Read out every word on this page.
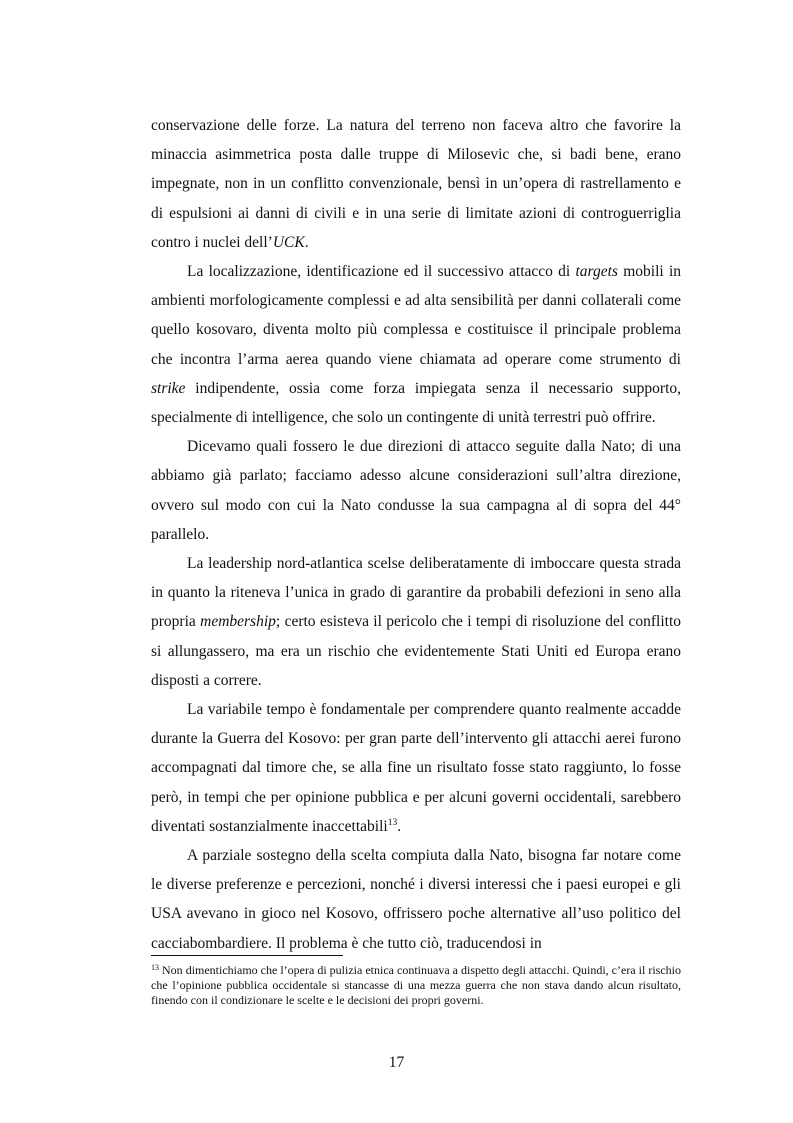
conservazione delle forze. La natura del terreno non faceva altro che favorire la minaccia asimmetrica posta dalle truppe di Milosevic che, si badi bene, erano impegnate, non in un conflitto convenzionale, bensì in un’opera di rastrellamento e di espulsioni ai danni di civili e in una serie di limitate azioni di controguerriglia contro i nuclei dell’UCK.

La localizzazione, identificazione ed il successivo attacco di targets mobili in ambienti morfologicamente complessi e ad alta sensibilità per danni collaterali come quello kosovaro, diventa molto più complessa e costituisce il principale problema che incontra l’arma aerea quando viene chiamata ad operare come strumento di strike indipendente, ossia come forza impiegata senza il necessario supporto, specialmente di intelligence, che solo un contingente di unità terrestri può offrire.

Dicevamo quali fossero le due direzioni di attacco seguite dalla Nato; di una abbiamo già parlato; facciamo adesso alcune considerazioni sull’altra direzione, ovvero sul modo con cui la Nato condusse la sua campagna al di sopra del 44° parallelo.

La leadership nord-atlantica scelse deliberatamente di imboccare questa strada in quanto la riteneva l’unica in grado di garantire da probabili defezioni in seno alla propria membership; certo esisteva il pericolo che i tempi di risoluzione del conflitto si allungassero, ma era un rischio che evidentemente Stati Uniti ed Europa erano disposti a correre.

La variabile tempo è fondamentale per comprendere quanto realmente accadde durante la Guerra del Kosovo: per gran parte dell’intervento gli attacchi aerei furono accompagnati dal timore che, se alla fine un risultato fosse stato raggiunto, lo fosse però, in tempi che per opinione pubblica e per alcuni governi occidentali, sarebbero diventati sostanzialmente inaccettabili$^{13}$.

A parziale sostegno della scelta compiuta dalla Nato, bisogna far notare come le diverse preferenze e percezioni, nonché i diversi interessi che i paesi europei e gli USA avevano in gioco nel Kosovo, offrissero poche alternative all’uso politico del cacciabombardiere. Il problema è che tutto ciò, traducendosi in

$^{13}$ Non dimentichiamo che l’opera di pulizia etnica continuava a dispetto degli attacchi. Quindi, c’era il rischio che l’opinione pubblica occidentale si stancasse di una mezza guerra che non stava dando alcun risultato, finendo con il condizionare le scelte e le decisioni dei propri governi.
17
